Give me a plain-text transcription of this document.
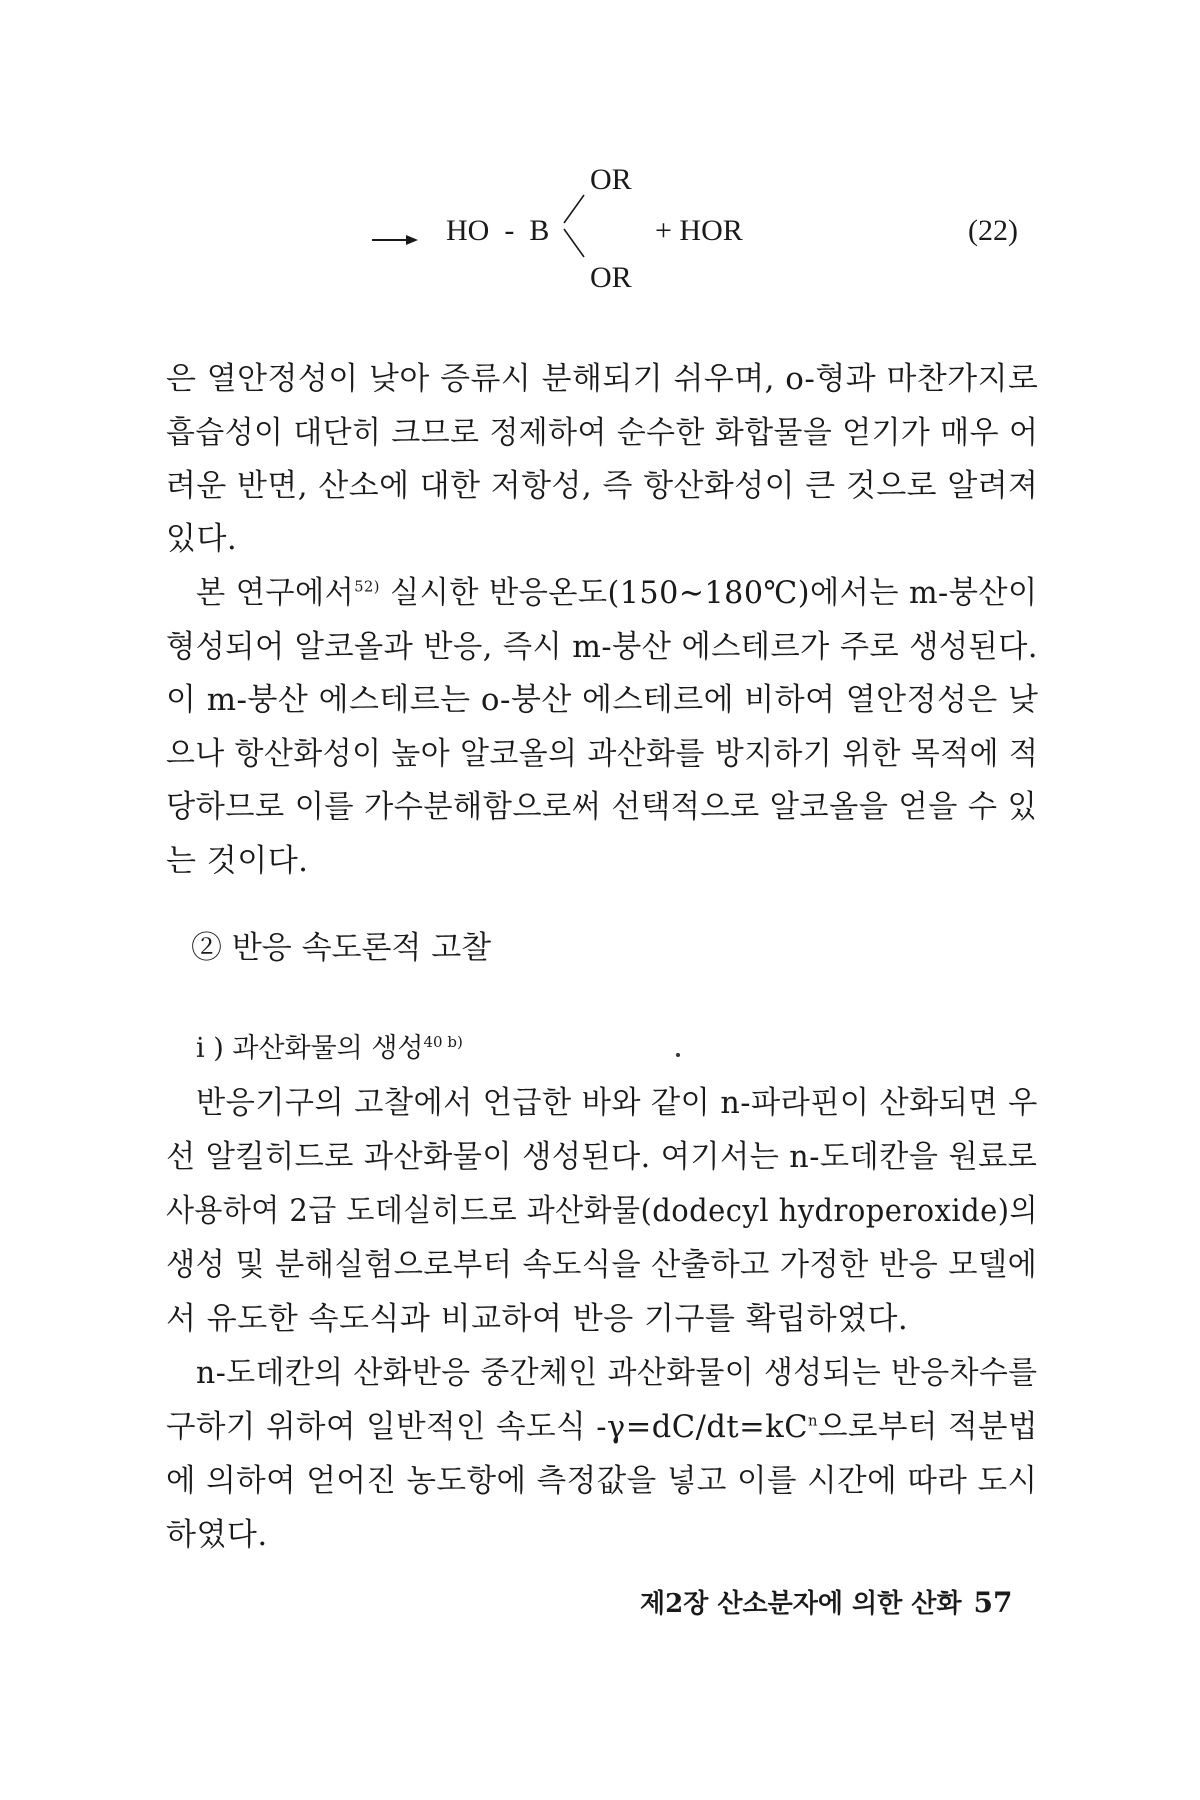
OR
HO  -  B	+ HOR	(22)
OR
은 열안정성이 낮아 증류시 분해되기 쉬우며, o-형과 마찬가지로
흡습성이 대단히 크므로 정제하여 순수한 화합물을 얻기가 매우 어
려운 반면, 산소에 대한 저항성, 즉 항산화성이 큰 것으로 알려져
있다.
본 연구에서$^{52)}$ 실시한 반응온도(150∼180℃)에서는 m-붕산이
형성되어 알코올과 반응, 즉시 m-붕산 에스테르가 주로 생성된다.
이 m-붕산 에스테르는 o-붕산 에스테르에 비하여 열안정성은 낮
으나 항산화성이 높아 알코올의 과산화를 방지하기 위한 목적에 적
당하므로 이를 가수분해함으로써 선택적으로 알코올을 얻을 수 있
는 것이다.
② 반응 속도론적 고찰
i ) 과산화물의 생성$^{40 b)}$
반응기구의 고찰에서 언급한 바와 같이 n-파라핀이 산화되면 우
선 알킬히드로 과산화물이 생성된다. 여기서는 n-도데칸을 원료로
사용하여 2급 도데실히드로 과산화물(dodecyl hydroperoxide)의
생성 및 분해실험으로부터 속도식을 산출하고 가정한 반응 모델에
서 유도한 속도식과 비교하여 반응 기구를 확립하였다.
n-도데칸의 산화반응 중간체인 과산화물이 생성되는 반응차수를
구하기 위하여 일반적인 속도식 -γ=dC/dt=kC$^n$으로부터 적분법
에 의하여 얻어진 농도항에 측정값을 넣고 이를 시간에 따라 도시
하였다.
제2장 산소분자에 의한 산화 57
